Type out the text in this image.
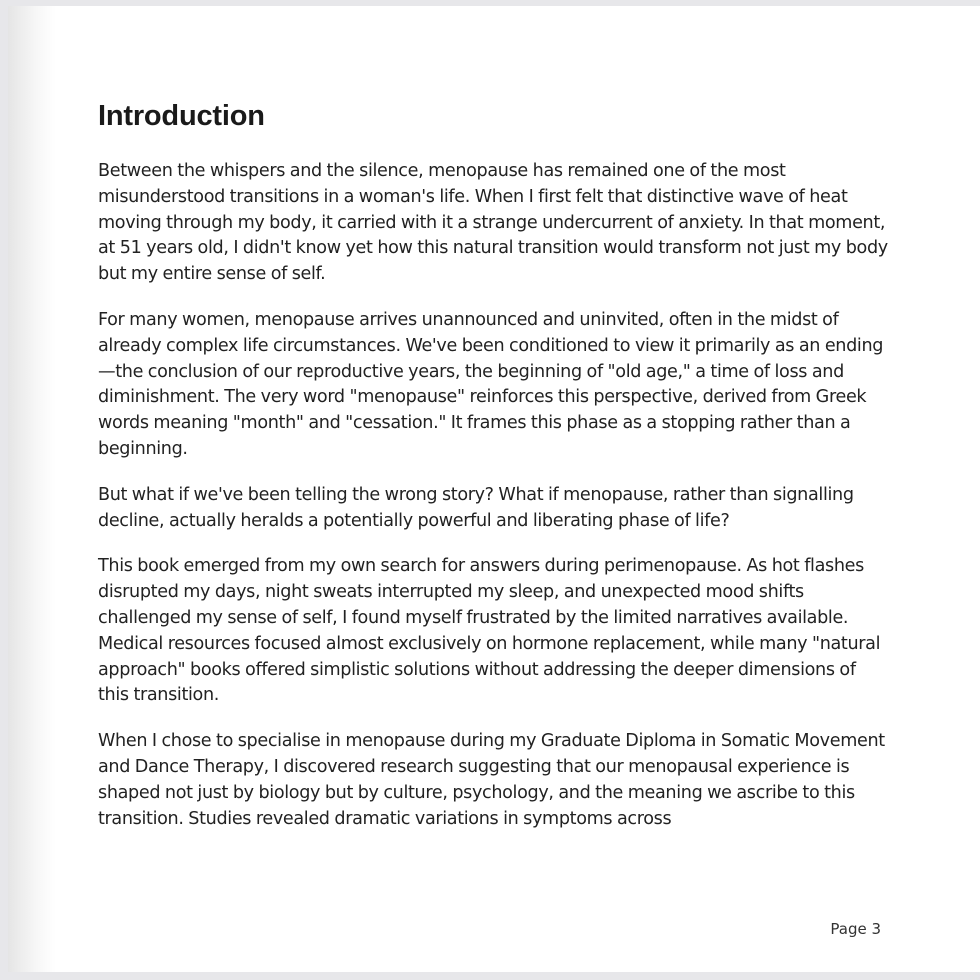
Introduction

Between the whispers and the silence, menopause has remained one of the most misunderstood transitions in a woman's life. When I first felt that distinctive wave of heat moving through my body, it carried with it a strange undercurrent of anxiety. In that moment, at 51 years old, I didn't know yet how this natural transition would transform not just my body but my entire sense of self.

For many women, menopause arrives unannounced and uninvited, often in the midst of already complex life circumstances. We've been conditioned to view it primarily as an ending—the conclusion of our reproductive years, the beginning of "old age," a time of loss and diminishment. The very word "menopause" reinforces this perspective, derived from Greek words meaning "month" and "cessation." It frames this phase as a stopping rather than a beginning.

But what if we've been telling the wrong story? What if menopause, rather than signalling decline, actually heralds a potentially powerful and liberating phase of life?

This book emerged from my own search for answers during perimenopause. As hot flashes disrupted my days, night sweats interrupted my sleep, and unexpected mood shifts challenged my sense of self, I found myself frustrated by the limited narratives available. Medical resources focused almost exclusively on hormone replacement, while many "natural approach" books offered simplistic solutions without addressing the deeper dimensions of this transition.

When I chose to specialise in menopause during my Graduate Diploma in Somatic Movement and Dance Therapy, I discovered research suggesting that our menopausal experience is shaped not just by biology but by culture, psychology, and the meaning we ascribe to this transition. Studies revealed dramatic variations in symptoms across

Page 3
